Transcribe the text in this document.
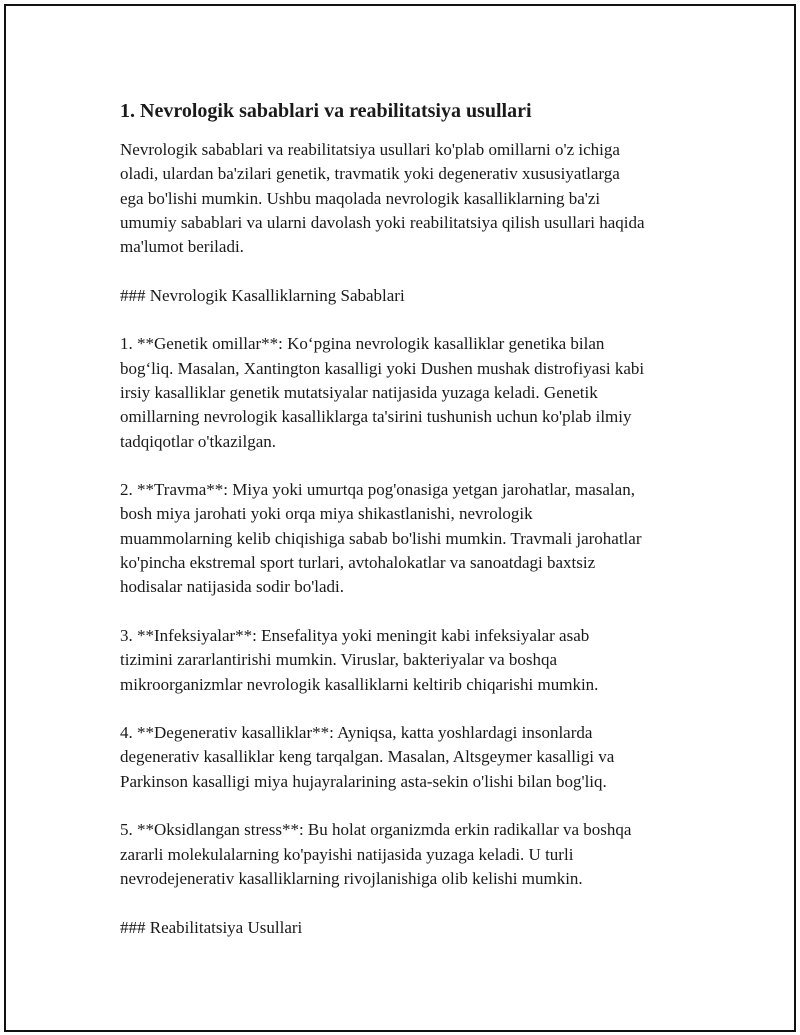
1. Nevrologik sabablari va reabilitatsiya usullari

Nevrologik sabablari va reabilitatsiya usullari ko'plab omillarni o'z ichiga
oladi, ulardan ba'zilari genetik, travmatik yoki degenerativ xususiyatlarga
ega bo'lishi mumkin. Ushbu maqolada nevrologik kasalliklarning ba'zi
umumiy sabablari va ularni davolash yoki reabilitatsiya qilish usullari haqida
ma'lumot beriladi.

### Nevrologik Kasalliklarning Sabablari

1. **Genetik omillar**: Ko‘pgina nevrologik kasalliklar genetika bilan
bog‘liq. Masalan, Xantington kasalligi yoki Dushen mushak distrofiyasi kabi
irsiy kasalliklar genetik mutatsiyalar natijasida yuzaga keladi. Genetik
omillarning nevrologik kasalliklarga ta'sirini tushunish uchun ko'plab ilmiy
tadqiqotlar o'tkazilgan.

2. **Travma**: Miya yoki umurtqa pog'onasiga yetgan jarohatlar, masalan,
bosh miya jarohati yoki orqa miya shikastlanishi, nevrologik
muammolarning kelib chiqishiga sabab bo'lishi mumkin. Travmali jarohatlar
ko'pincha ekstremal sport turlari, avtohalokatlar va sanoatdagi baxtsiz
hodisalar natijasida sodir bo'ladi.

3. **Infeksiyalar**: Ensefalitya yoki meningit kabi infeksiyalar asab
tizimini zararlantirishi mumkin. Viruslar, bakteriyalar va boshqa
mikroorganizmlar nevrologik kasalliklarni keltirib chiqarishi mumkin.

4. **Degenerativ kasalliklar**: Ayniqsa, katta yoshlardagi insonlarda
degenerativ kasalliklar keng tarqalgan. Masalan, Altsgeymer kasalligi va
Parkinson kasalligi miya hujayralarining asta-sekin o'lishi bilan bog'liq.

5. **Oksidlangan stress**: Bu holat organizmda erkin radikallar va boshqa
zararli molekulalarning ko'payishi natijasida yuzaga keladi. U turli
nevrodejenerativ kasalliklarning rivojlanishiga olib kelishi mumkin.

### Reabilitatsiya Usullari
